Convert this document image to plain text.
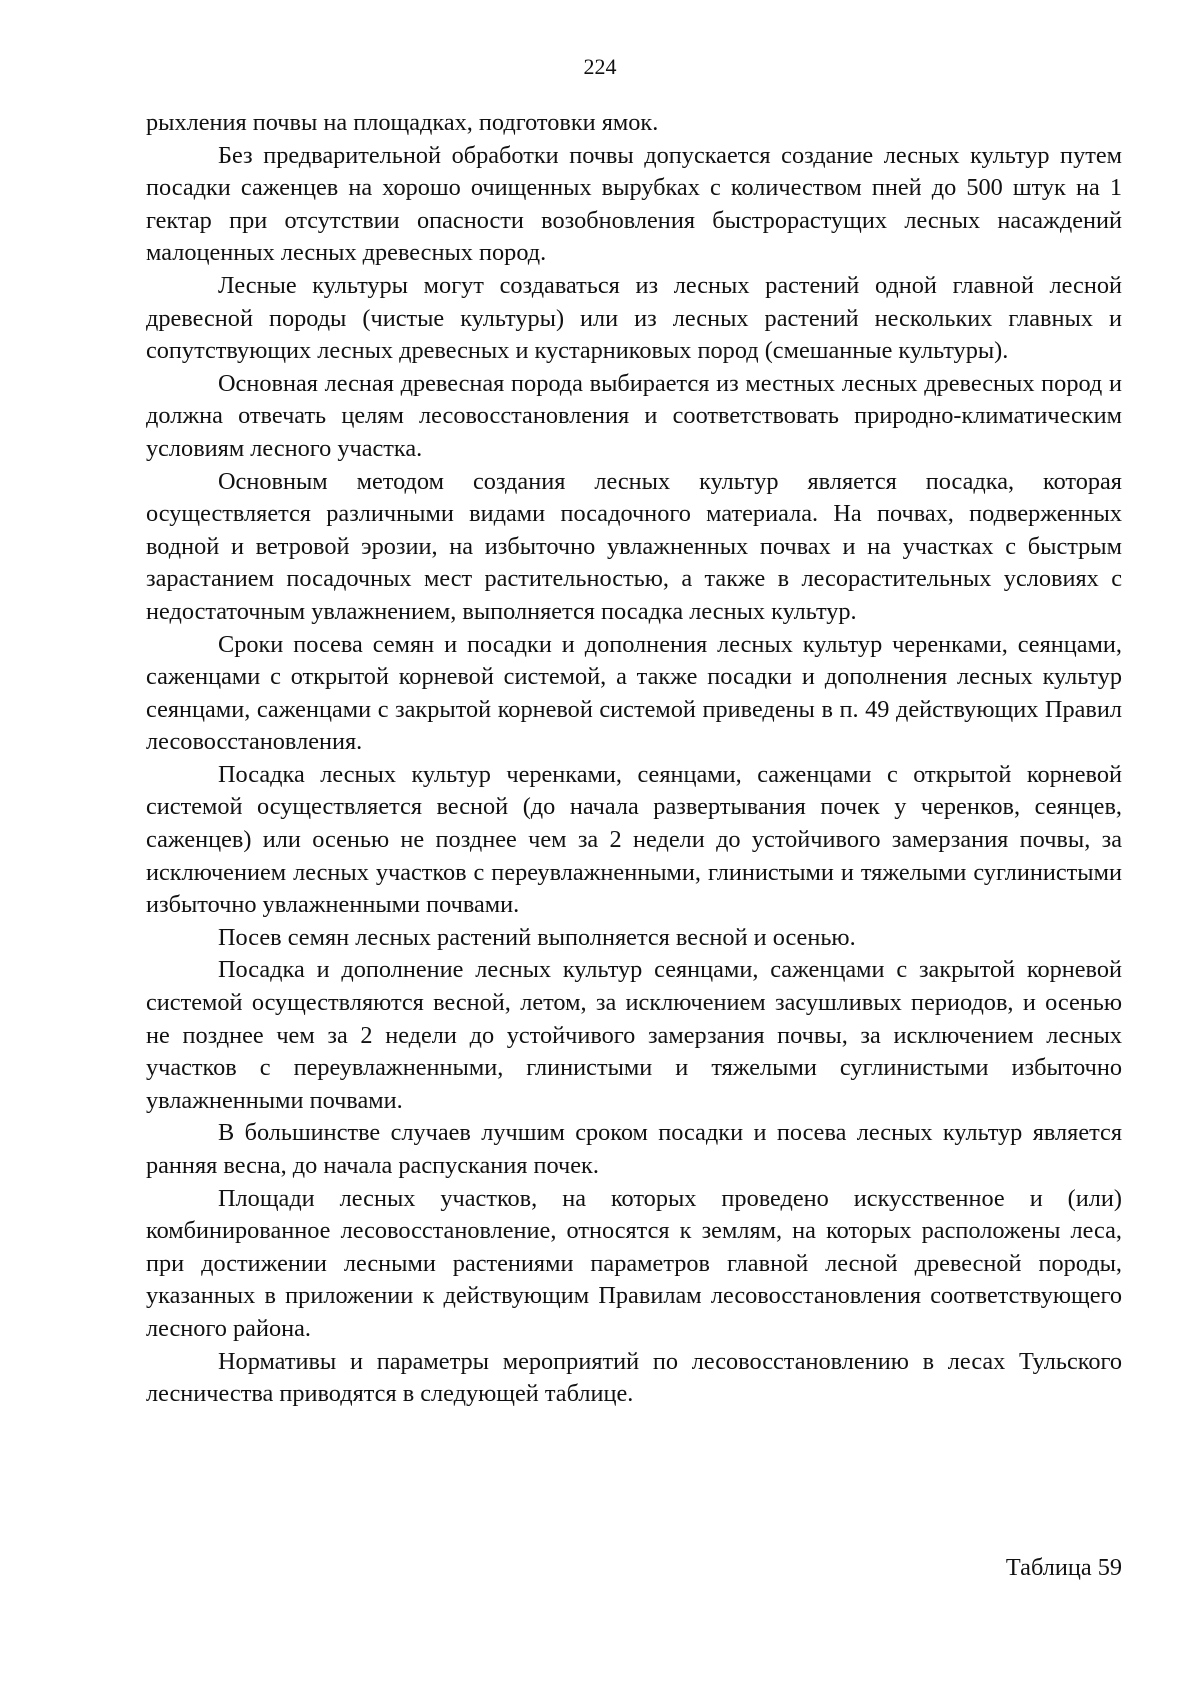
224

рыхления почвы на площадках, подготовки ямок.

Без предварительной обработки почвы допускается создание лесных культур путем посадки саженцев на хорошо очищенных вырубках с количеством пней до 500 штук на 1 гектар при отсутствии опасности возобновления быстрорастущих лесных насаждений малоценных лесных древесных пород.

Лесные культуры могут создаваться из лесных растений одной главной лесной древесной породы (чистые культуры) или из лесных растений нескольких главных и сопутствующих лесных древесных и кустарниковых пород (смешанные культуры).

Основная лесная древесная порода выбирается из местных лесных древесных пород и должна отвечать целям лесовосстановления и соответствовать природно-климатическим условиям лесного участка.

Основным методом создания лесных культур является посадка, которая осуществляется различными видами посадочного материала. На почвах, подверженных водной и ветровой эрозии, на избыточно увлажненных почвах и на участках с быстрым зарастанием посадочных мест растительностью, а также в лесорастительных условиях с недостаточным увлажнением, выполняется посадка лесных культур.

Сроки посева семян и посадки и дополнения лесных культур черенками, сеянцами, саженцами с открытой корневой системой, а также посадки и дополнения лесных культур сеянцами, саженцами с закрытой корневой системой приведены в п. 49 действующих Правил лесовосстановления.

Посадка лесных культур черенками, сеянцами, саженцами с открытой корневой системой осуществляется весной (до начала развертывания почек у черенков, сеянцев, саженцев) или осенью не позднее чем за 2 недели до устойчивого замерзания почвы, за исключением лесных участков с переувлажненными, глинистыми и тяжелыми суглинистыми избыточно увлажненными почвами.

Посев семян лесных растений выполняется весной и осенью.

Посадка и дополнение лесных культур сеянцами, саженцами с закрытой корневой системой осуществляются весной, летом, за исключением засушливых периодов, и осенью не позднее чем за 2 недели до устойчивого замерзания почвы, за исключением лесных участков с переувлажненными, глинистыми и тяжелыми суглинистыми избыточно увлажненными почвами.

В большинстве случаев лучшим сроком посадки и посева лесных культур является ранняя весна, до начала распускания почек.

Площади лесных участков, на которых проведено искусственное и (или) комбинированное лесовосстановление, относятся к землям, на которых расположены леса, при достижении лесными растениями параметров главной лесной древесной породы, указанных в приложении к действующим Правилам лесовосстановления соответствующего лесного района.

Нормативы и параметры мероприятий по лесовосстановлению в лесах Тульского лесничества приводятся в следующей таблице.

Таблица 59
